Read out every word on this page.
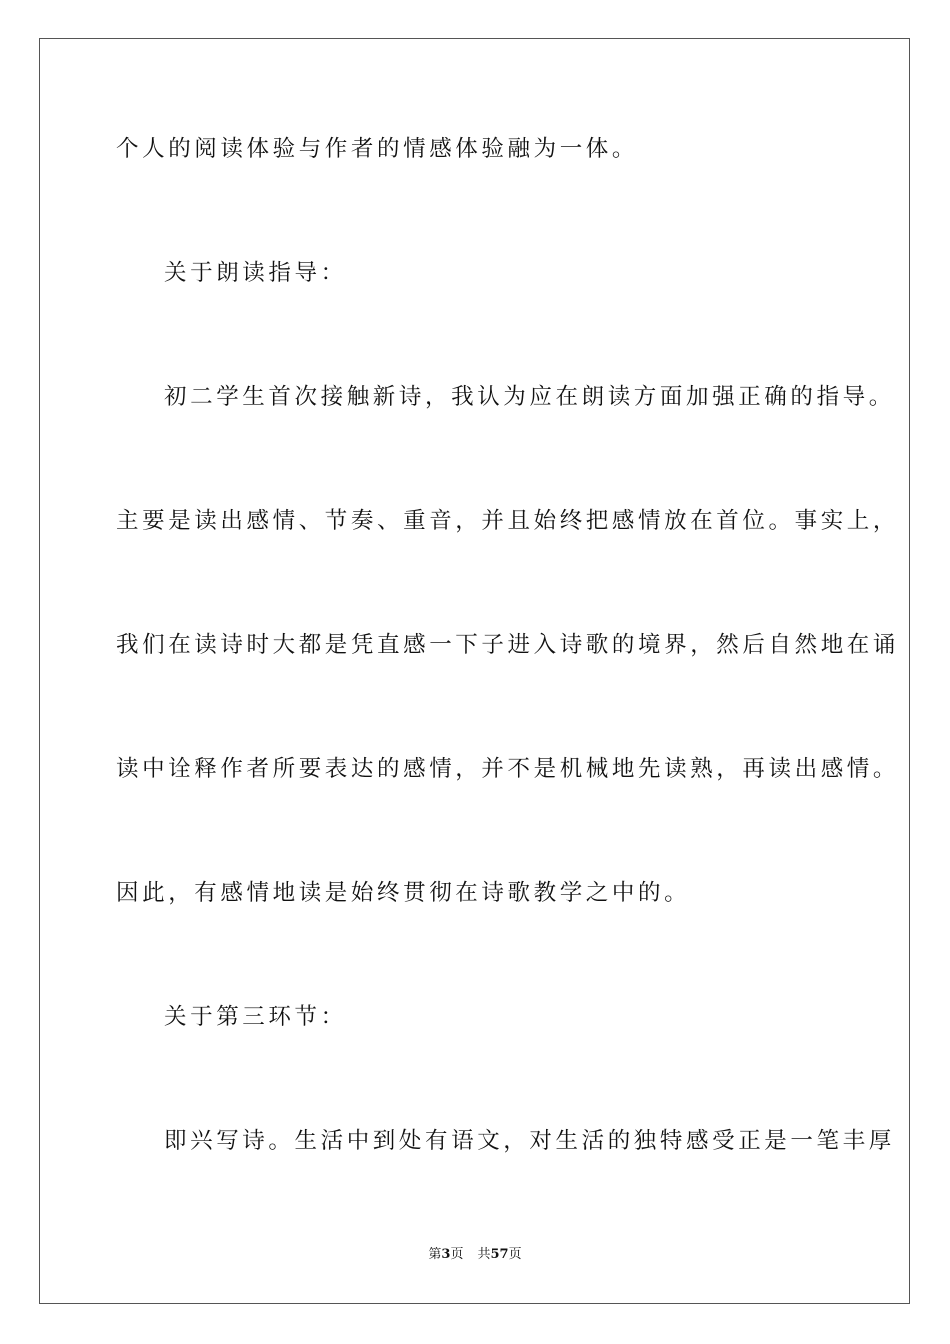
个人的阅读体验与作者的情感体验融为一体。
关于朗读指导：
初二学生首次接触新诗，我认为应在朗读方面加强正确的指导。
主要是读出感情、节奏、重音，并且始终把感情放在首位。事实上，
我们在读诗时大都是凭直感一下子进入诗歌的境界，然后自然地在诵
读中诠释作者所要表达的感情，并不是机械地先读熟，再读出感情。
因此，有感情地读是始终贯彻在诗歌教学之中的。
关于第三环节：
即兴写诗。生活中到处有语文，对生活的独特感受正是一笔丰厚
第3页 共57页
